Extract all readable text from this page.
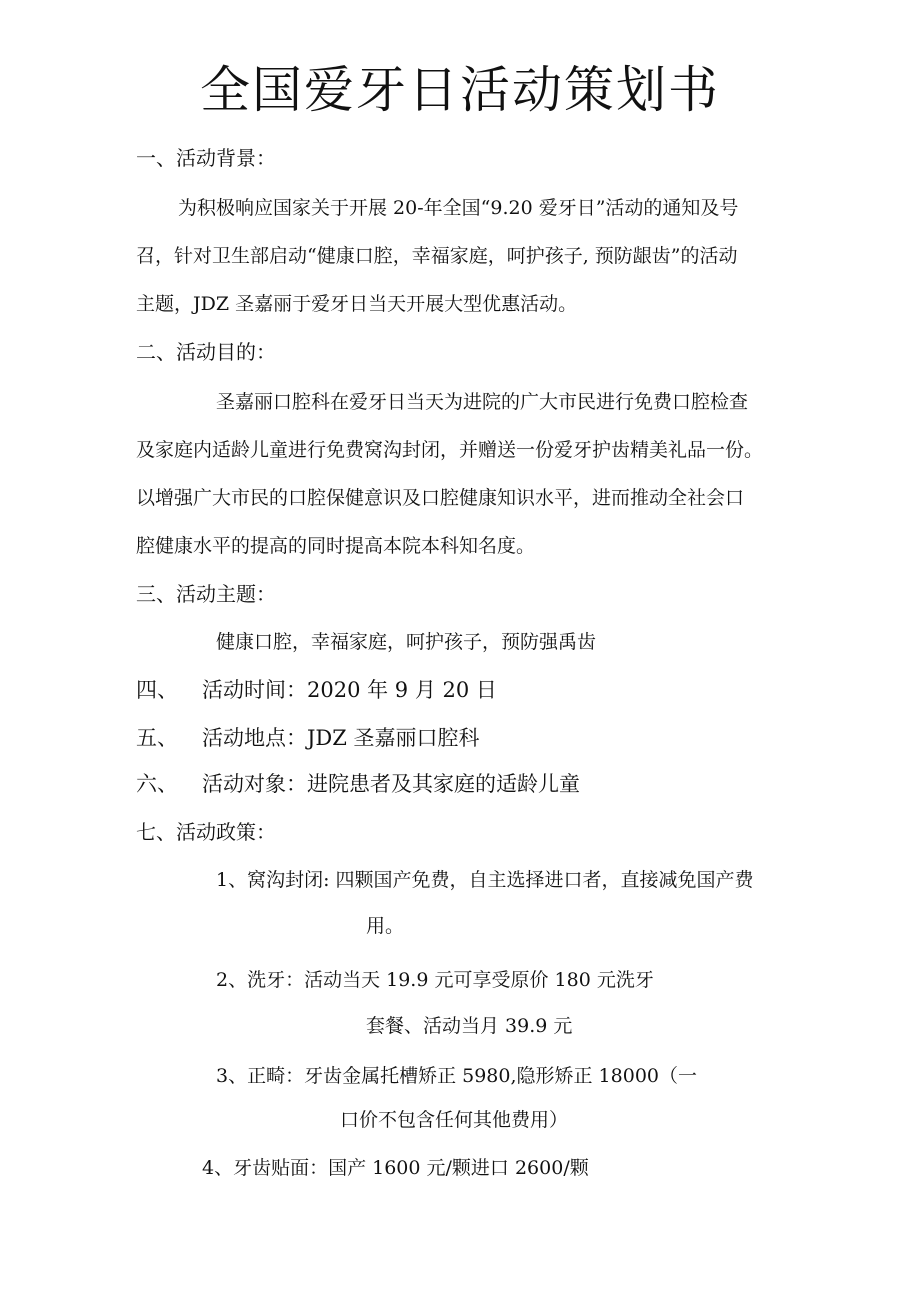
全国爱牙日活动策划书
一、活动背景：
为积极响应国家关于开展 20-年全国“9.20 爱牙日”活动的通知及号
召，针对卫生部启动“健康口腔，幸福家庭，呵护孩子, 预防龈齿”的活动
主题，JDZ 圣嘉丽于爱牙日当天开展大型优惠活动。
二、活动目的：
圣嘉丽口腔科在爱牙日当天为进院的广大市民进行免费口腔检查
及家庭内适龄儿童进行免费窝沟封闭，并赠送一份爱牙护齿精美礼品一份。
以增强广大市民的口腔保健意识及口腔健康知识水平，进而推动全社会口
腔健康水平的提高的同时提高本院本科知名度。
三、活动主题：
健康口腔，幸福家庭，呵护孩子，预防强禹齿
四、 活动时间：2020 年 9 月 20 日
五、 活动地点：JDZ 圣嘉丽口腔科
六、 活动对象：进院患者及其家庭的适龄儿童
七、活动政策：
1、窝沟封闭: 四颗国产免费，自主选择进口者，直接减免国产费
用。
2、洗牙：活动当天 19.9 元可享受原价 180 元洗牙
套餐、活动当月 39.9 元
3、正畸：牙齿金属托槽矫正 5980,隐形矫正 18000（一
口价不包含任何其他费用）
4、牙齿贴面：国产 1600 元/颗进口 2600/颗
